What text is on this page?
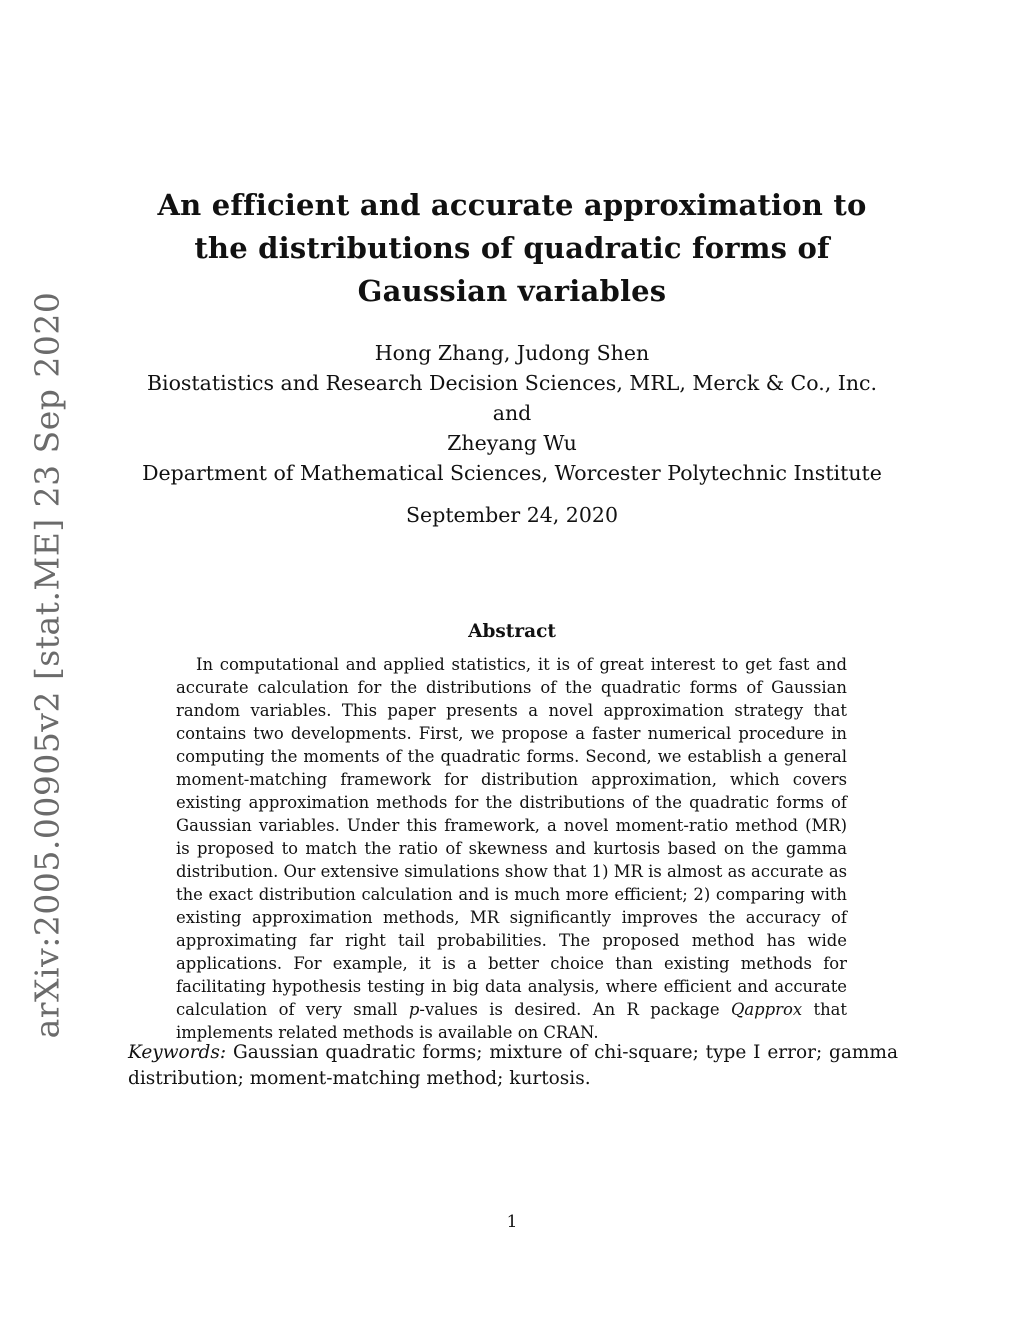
arXiv:2005.00905v2 [stat.ME] 23 Sep 2020
An efficient and accurate approximation to
the distributions of quadratic forms of
Gaussian variables
Hong Zhang, Judong Shen
Biostatistics and Research Decision Sciences, MRL, Merck & Co., Inc.
and
Zheyang Wu
Department of Mathematical Sciences, Worcester Polytechnic Institute
September 24, 2020
Abstract
In computational and applied statistics, it is of great interest to get fast and accurate calculation for the distributions of the quadratic forms of Gaussian random variables. This paper presents a novel approximation strategy that contains two developments. First, we propose a faster numerical procedure in computing the moments of the quadratic forms. Second, we establish a general moment-matching framework for distribution approximation, which covers existing approximation methods for the distributions of the quadratic forms of Gaussian variables. Under this framework, a novel moment-ratio method (MR) is proposed to match the ratio of skewness and kurtosis based on the gamma distribution. Our extensive simulations show that 1) MR is almost as accurate as the exact distribution calculation and is much more efficient; 2) comparing with existing approximation methods, MR significantly improves the accuracy of approximating far right tail probabilities. The proposed method has wide applications. For example, it is a better choice than existing methods for facilitating hypothesis testing in big data analysis, where efficient and accurate calculation of very small p-values is desired. An R package Qapprox that implements related methods is available on CRAN.
Keywords: Gaussian quadratic forms; mixture of chi-square; type I error; gamma distribution; moment-matching method; kurtosis.
1
